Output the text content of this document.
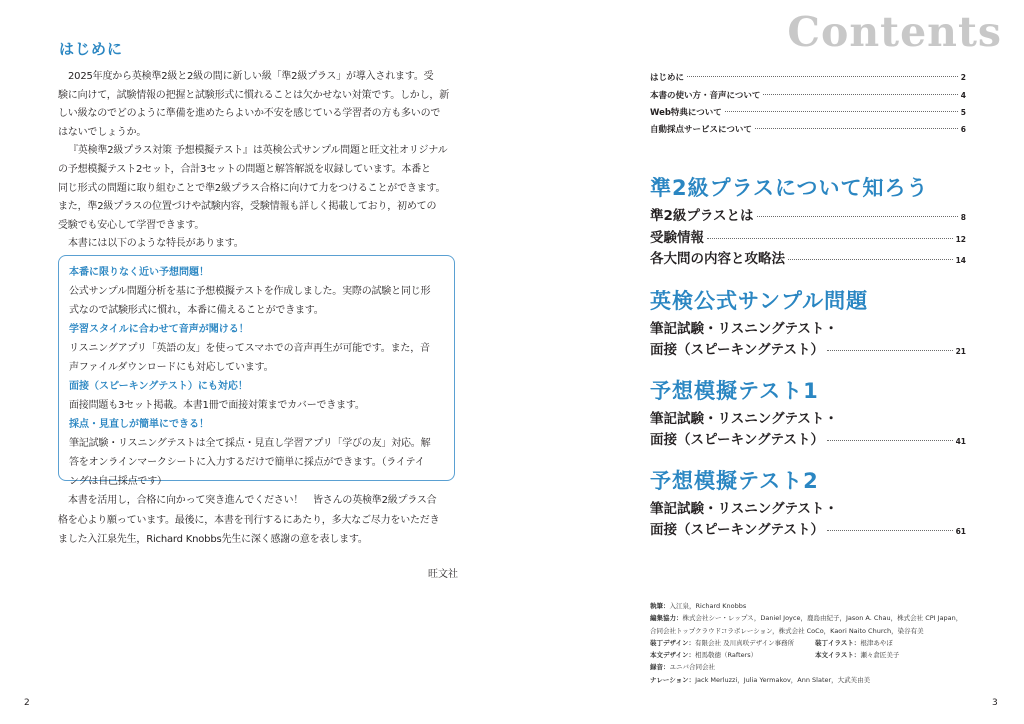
はじめに

2025年度から英検準2級と2級の間に新しい級「準2級プラス」が導入されます。受
験に向けて，試験情報の把握と試験形式に慣れることは欠かせない対策です。しかし，新
しい級なのでどのように準備を進めたらよいか不安を感じている学習者の方も多いので
はないでしょうか。

『英検準2級プラス対策 予想模擬テスト』は英検公式サンプル問題と旺文社オリジナル
の予想模擬テスト2セット，合計3セットの問題と解答解説を収録しています。本番と
同じ形式の問題に取り組むことで準2級プラス合格に向けて力をつけることができます。
また，準2級プラスの位置づけや試験内容，受験情報も詳しく掲載しており，初めての
受験でも安心して学習できます。

本書には以下のような特長があります。

本番に限りなく近い予想問題！

公式サンプル問題分析を基に予想模擬テストを作成しました。実際の試験と同じ形
式なので試験形式に慣れ，本番に備えることができます。

学習スタイルに合わせて音声が聞ける！

リスニングアプリ「英語の友」を使ってスマホでの音声再生が可能です。また，音
声ファイルダウンロードにも対応しています。

面接（スピーキングテスト）にも対応！

面接問題も3セット掲載。本書1冊で面接対策までカバーできます。

採点・見直しが簡単にできる！

筆記試験・リスニングテストは全て採点・見直し学習アプリ「学びの友」対応。解
答をオンラインマークシートに入力するだけで簡単に採点ができます。（ライテイ
ングは自己採点です）

本書を活用し，合格に向かって突き進んでください！　皆さんの英検準2級プラス合
格を心より願っています。最後に，本書を刊行するにあたり，多大なご尽力をいただき
ました入江泉先生，Richard Knobbs先生に深く感謝の意を表します。

旺文社
2
Contents
はじめに	2
本書の使い方・音声について	4
Web特典について	5
自動採点サービスについて	6
準2級プラスについて知ろう
準2級プラスとは	8
受験情報	12
各大問の内容と攻略法	14
英検公式サンプル問題
筆記試験・リスニングテスト・
面接（スピーキングテスト）	21
予想模擬テスト1
筆記試験・リスニングテスト・
面接（スピーキングテスト）	41
予想模擬テスト2
筆記試験・リスニングテスト・
面接（スピーキングテスト）	61
執筆： 入江泉，Richard Knobbs
編集協力： 株式会社シー・レップス，Daniel Joyce，鹿島由紀子，Jason A. Chau，株式会社 CPI Japan，
合同会社トップクラウドコラボレーション，株式会社 CoCo，Kaori Naito Church，染谷有美
装丁デザイン：有限会社 及川真咲デザイン事務所	装丁イラスト：根津あやぼ
本文デザイン：相馬敬徳（Rafters）	本文イラスト：瀬々倉匠美子
録音： ユニバ合同会社
ナレーション： Jack Merluzzi，Julia Yermakov，Ann Slater，大武芙由美
3
